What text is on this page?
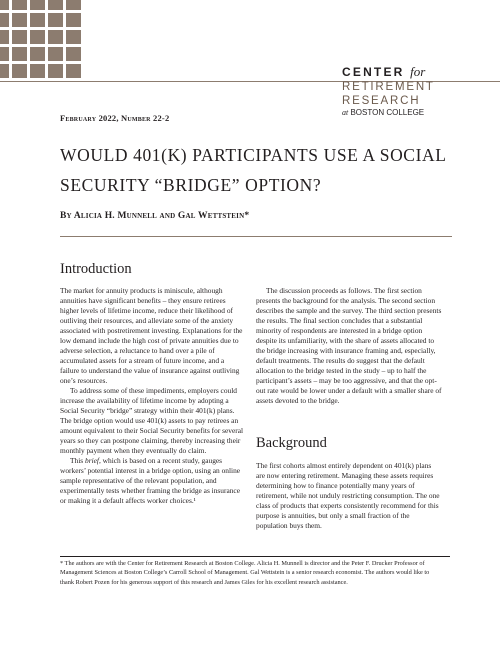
CENTER for
RETIREMENT
RESEARCH
at BOSTON COLLEGE
February 2022, Number 22-2
WOULD 401(K) PARTICIPANTS USE A SOCIAL SECURITY “BRIDGE” OPTION?
By Alicia H. Munnell and Gal Wettstein*
Introduction

The market for annuity products is miniscule, although annuities have significant benefits – they ensure retirees higher levels of lifetime income, reduce their likelihood of outliving their resources, and alleviate some of the anxiety associated with postretirement investing. Explanations for the low demand include the high cost of private annuities due to adverse selection, a reluctance to hand over a pile of accumulated assets for a stream of future income, and a failure to understand the value of insurance against outliving one’s resources.

To address some of these impediments, employers could increase the availability of lifetime income by adopting a Social Security “bridge” strategy within their 401(k) plans. The bridge option would use 401(k) assets to pay retirees an amount equivalent to their Social Security benefits for several years so they can postpone claiming, thereby increasing their monthly payment when they eventually do claim.

This brief, which is based on a recent study, gauges workers’ potential interest in a bridge option, using an online sample representative of the relevant population, and experimentally tests whether framing the bridge as insurance or making it a default affects worker choices.¹

The discussion proceeds as follows. The first section presents the background for the analysis. The second section describes the sample and the survey. The third section presents the results. The final section concludes that a substantial minority of respondents are interested in a bridge option despite its unfamiliarity, with the share of assets allocated to the bridge increasing with insurance framing and, especially, default treatments. The results do suggest that the default allocation to the bridge tested in the study – up to half the participant’s assets – may be too aggressive, and that the opt-out rate would be lower under a default with a smaller share of assets devoted to the bridge.

Background

The first cohorts almost entirely dependent on 401(k) plans are now entering retirement. Managing these assets requires determining how to finance potentially many years of retirement, while not unduly restricting consumption. The one class of products that experts consistently recommend for this purpose is annuities, but only a small fraction of the population buys them.

* The authors are with the Center for Retirement Research at Boston College. Alicia H. Munnell is director and the Peter F. Drucker Professor of Management Sciences at Boston College’s Carroll School of Management. Gal Wettstein is a senior research economist. The authors would like to thank Robert Pozen for his generous support of this research and James Giles for his excellent research assistance.
